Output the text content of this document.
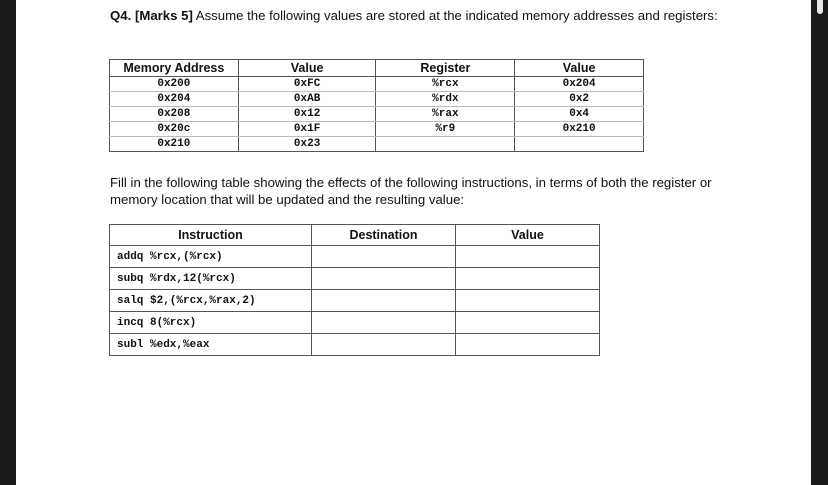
Q4. [Marks 5] Assume the following values are stored at the indicated memory addresses and registers:
Memory Address	Value	Register	Value
0x200	0xFC	%rcx	0x204
0x204	0xAB	%rdx	0x2
0x208	0x12	%rax	0x4
0x20c	0x1F	%r9	0x210
0x210	0x23		
Fill in the following table showing the effects of the following instructions, in terms of both the register or memory location that will be updated and the resulting value:
Instruction	Destination	Value
addq %rcx,(%rcx)		
subq %rdx,12(%rcx)		
salq $2,(%rcx,%rax,2)		
incq 8(%rcx)		
subl %edx,%eax		
